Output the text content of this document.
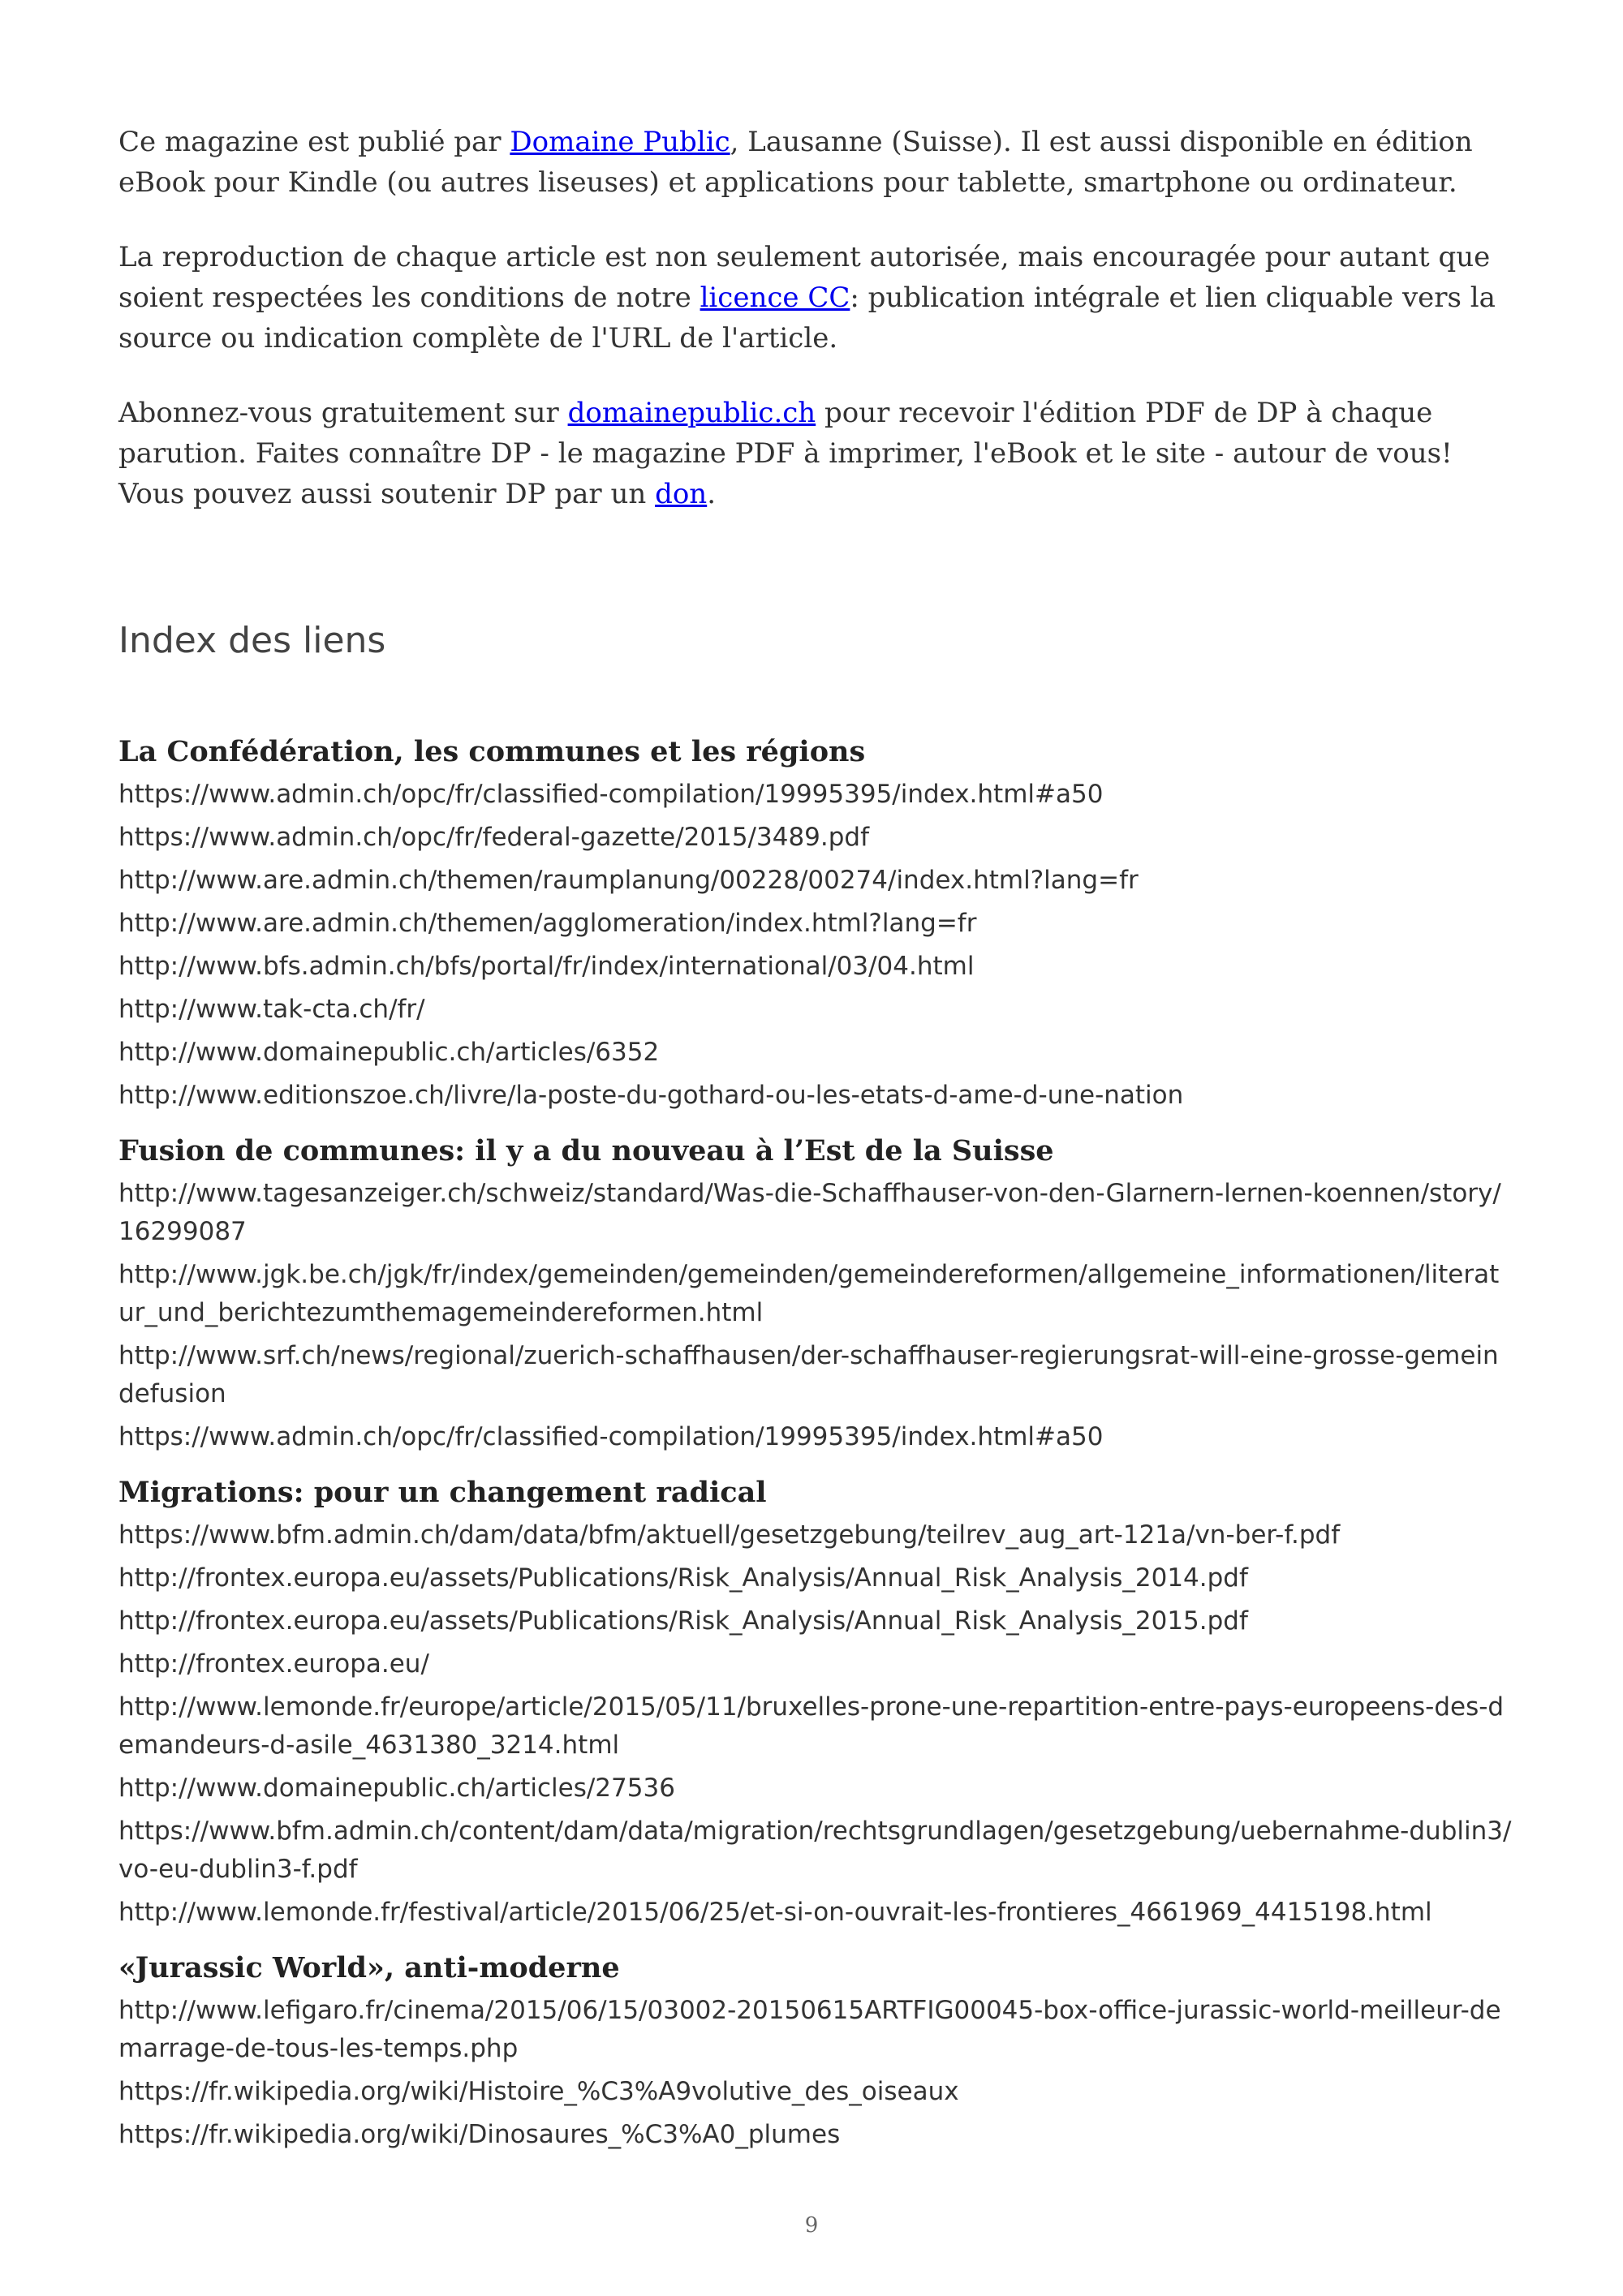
Ce magazine est publié par Domaine Public, Lausanne (Suisse). Il est aussi disponible en édition eBook pour Kindle (ou autres liseuses) et applications pour tablette, smartphone ou ordinateur.

La reproduction de chaque article est non seulement autorisée, mais encouragée pour autant que soient respectées les conditions de notre licence CC: publication intégrale et lien cliquable vers la source ou indication complète de l'URL de l'article.

Abonnez-vous gratuitement sur domainepublic.ch pour recevoir l'édition PDF de DP à chaque parution. Faites connaître DP - le magazine PDF à imprimer, l'eBook et le site - autour de vous! Vous pouvez aussi soutenir DP par un don.

Index des liens
La Confédération, les communes et les régions
https://www.admin.ch/opc/fr/classified-compilation/19995395/index.html#a50
https://www.admin.ch/opc/fr/federal-gazette/2015/3489.pdf
http://www.are.admin.ch/themen/raumplanung/00228/00274/index.html?lang=fr
http://www.are.admin.ch/themen/agglomeration/index.html?lang=fr
http://www.bfs.admin.ch/bfs/portal/fr/index/international/03/04.html
http://www.tak-cta.ch/fr/
http://www.domainepublic.ch/articles/6352
http://www.editionszoe.ch/livre/la-poste-du-gothard-ou-les-etats-d-ame-d-une-nation
Fusion de communes: il y a du nouveau à l’Est de la Suisse
http://www.tagesanzeiger.ch/schweiz/standard/Was-die-Schaffhauser-von-den-Glarnern-lernen-koennen/story/16299087
http://www.jgk.be.ch/jgk/fr/index/gemeinden/gemeinden/gemeindereformen/allgemeine_informationen/literatur_und_berichtezumthemagemeindereformen.html
http://www.srf.ch/news/regional/zuerich-schaffhausen/der-schaffhauser-regierungsrat-will-eine-grosse-gemeindefusion
https://www.admin.ch/opc/fr/classified-compilation/19995395/index.html#a50
Migrations: pour un changement radical
https://www.bfm.admin.ch/dam/data/bfm/aktuell/gesetzgebung/teilrev_aug_art-121a/vn-ber-f.pdf
http://frontex.europa.eu/assets/Publications/Risk_Analysis/Annual_Risk_Analysis_2014.pdf
http://frontex.europa.eu/assets/Publications/Risk_Analysis/Annual_Risk_Analysis_2015.pdf
http://frontex.europa.eu/
http://www.lemonde.fr/europe/article/2015/05/11/bruxelles-prone-une-repartition-entre-pays-europeens-des-demandeurs-d-asile_4631380_3214.html
http://www.domainepublic.ch/articles/27536
https://www.bfm.admin.ch/content/dam/data/migration/rechtsgrundlagen/gesetzgebung/uebernahme-dublin3/vo-eu-dublin3-f.pdf
http://www.lemonde.fr/festival/article/2015/06/25/et-si-on-ouvrait-les-frontieres_4661969_4415198.html
«Jurassic World», anti-moderne
http://www.lefigaro.fr/cinema/2015/06/15/03002-20150615ARTFIG00045-box-office-jurassic-world-meilleur-demarrage-de-tous-les-temps.php
https://fr.wikipedia.org/wiki/Histoire_%C3%A9volutive_des_oiseaux
https://fr.wikipedia.org/wiki/Dinosaures_%C3%A0_plumes
9
